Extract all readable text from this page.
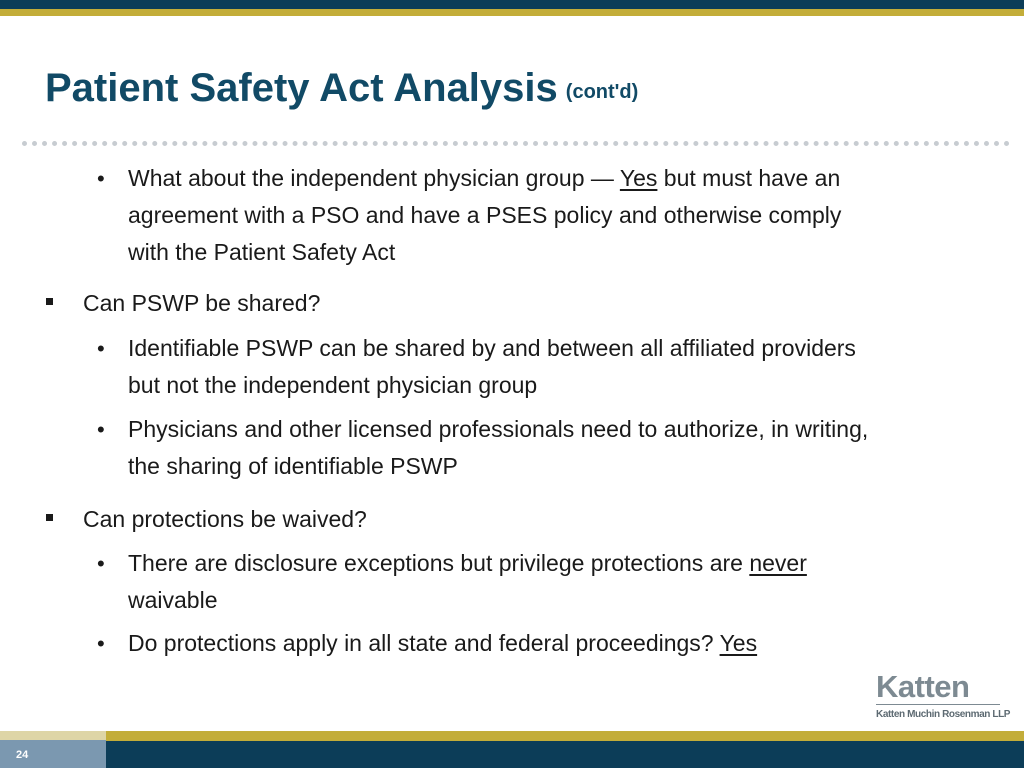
Patient Safety Act Analysis (cont'd)
• What about the independent physician group — Yes but must have an
agreement with a PSO and have a PSES policy and otherwise comply
with the Patient Safety Act
Can PSWP be shared?
• Identifiable PSWP can be shared by and between all affiliated providers
but not the independent physician group
• Physicians and other licensed professionals need to authorize, in writing,
the sharing of identifiable PSWP
Can protections be waived?
• There are disclosure exceptions but privilege protections are never
waivable
• Do protections apply in all state and federal proceedings? Yes
Katten
Katten Muchin Rosenman LLP
24
